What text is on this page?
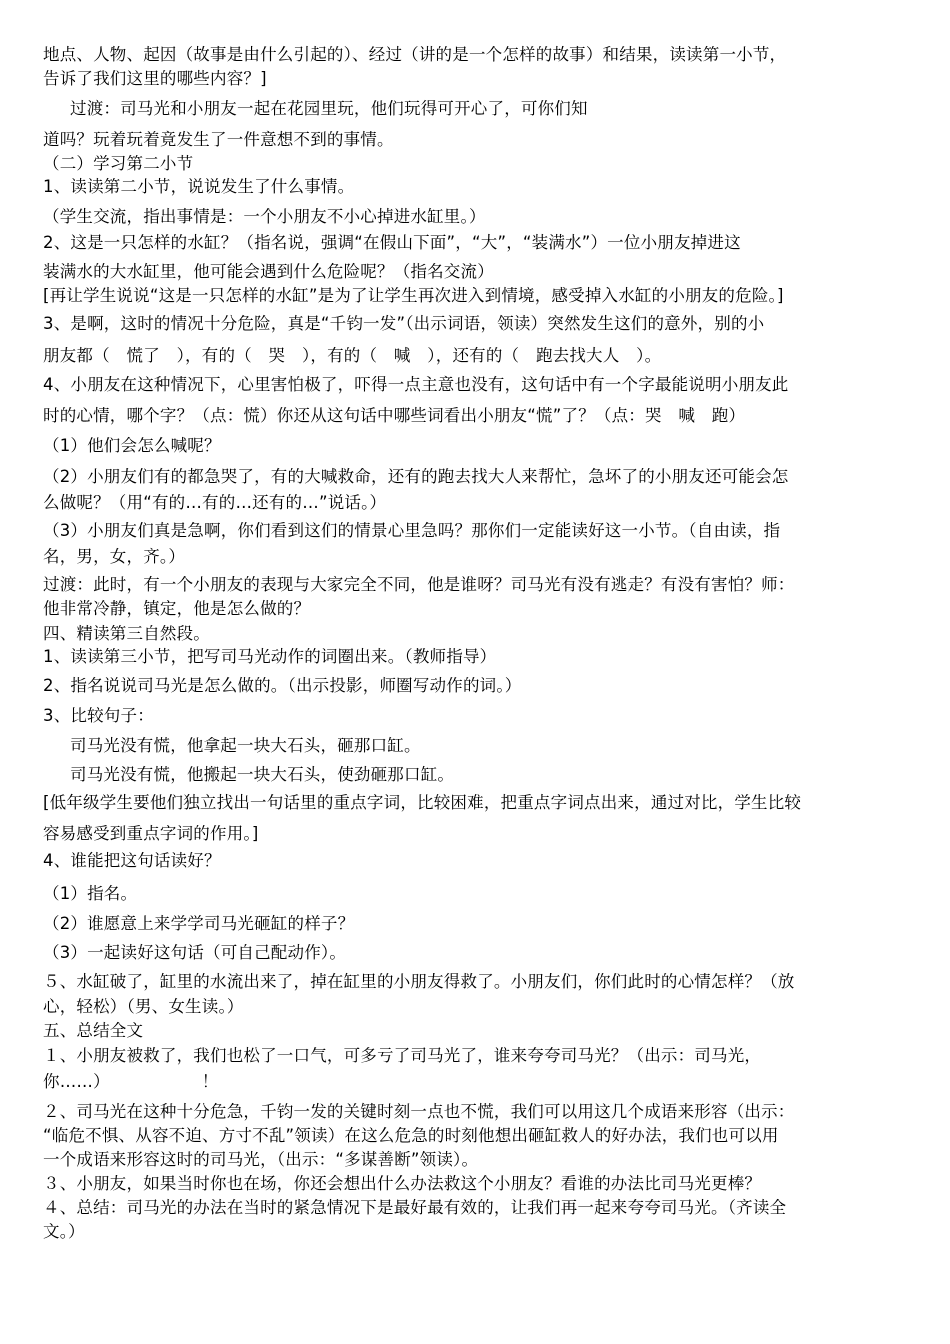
地点、人物、起因（故事是由什么引起的）、经过（讲的是一个怎样的故事）和结果，读读第一小节，

告诉了我们这里的哪些内容？]

过渡：司马光和小朋友一起在花园里玩，他们玩得可开心了，可你们知

道吗？玩着玩着竟发生了一件意想不到的事情。

（二）学习第二小节

1、读读第二小节，说说发生了什么事情。

（学生交流，指出事情是：一个小朋友不小心掉进水缸里。）

2、这是一只怎样的水缸？（指名说，强调“在假山下面”，“大”，“装满水”）一位小朋友掉进这

装满水的大水缸里，他可能会遇到什么危险呢？（指名交流）

[再让学生说说“这是一只怎样的水缸”是为了让学生再次进入到情境，感受掉入水缸的小朋友的危险。]

3、是啊，这时的情况十分危险，真是“千钧一发”（出示词语，领读）突然发生这们的意外，别的小

朋友都（　慌了　），有的（　哭　），有的（　喊　），还有的（　跑去找大人　）。

4、小朋友在这种情况下，心里害怕极了，吓得一点主意也没有，这句话中有一个字最能说明小朋友此

时的心情，哪个字？（点：慌）你还从这句话中哪些词看出小朋友“慌”了？（点：哭　喊　跑）

（1）他们会怎么喊呢？

（2）小朋友们有的都急哭了，有的大喊救命，还有的跑去找大人来帮忙，急坏了的小朋友还可能会怎

么做呢？（用“有的…有的…还有的…”说话。）

（3）小朋友们真是急啊，你们看到这们的情景心里急吗？那你们一定能读好这一小节。（自由读，指

名，男，女，齐。）

过渡：此时，有一个小朋友的表现与大家完全不同，他是谁呀？司马光有没有逃走？有没有害怕？师：

他非常冷静，镇定，他是怎么做的？

四、精读第三自然段。

1、读读第三小节，把写司马光动作的词圈出来。（教师指导）

2、指名说说司马光是怎么做的。（出示投影，师圈写动作的词。）

3、比较句子：

司马光没有慌，他拿起一块大石头，砸那口缸。

司马光没有慌，他搬起一块大石头，使劲砸那口缸。

[低年级学生要他们独立找出一句话里的重点字词，比较困难，把重点字词点出来，通过对比，学生比较

容易感受到重点字词的作用。]

4、谁能把这句话读好？

（1）指名。

（2）谁愿意上来学学司马光砸缸的样子？

（3）一起读好这句话（可自己配动作）。

５、水缸破了，缸里的水流出来了，掉在缸里的小朋友得救了。小朋友们，你们此时的心情怎样？（放

心，轻松）（男、女生读。）

五、总结全文

１、小朋友被救了，我们也松了一口气，可多亏了司马光了，谁来夸夸司马光？（出示：司马光，

你……）　　　　　　！

２、司马光在这种十分危急，千钧一发的关键时刻一点也不慌，我们可以用这几个成语来形容（出示：

“临危不惧、从容不迫、方寸不乱”领读）在这么危急的时刻他想出砸缸救人的好办法，我们也可以用

一个成语来形容这时的司马光，（出示：“多谋善断”领读）。

３、小朋友，如果当时你也在场，你还会想出什么办法救这个小朋友？看谁的办法比司马光更棒？

４、总结：司马光的办法在当时的紧急情况下是最好最有效的，让我们再一起来夸夸司马光。（齐读全

文。）
